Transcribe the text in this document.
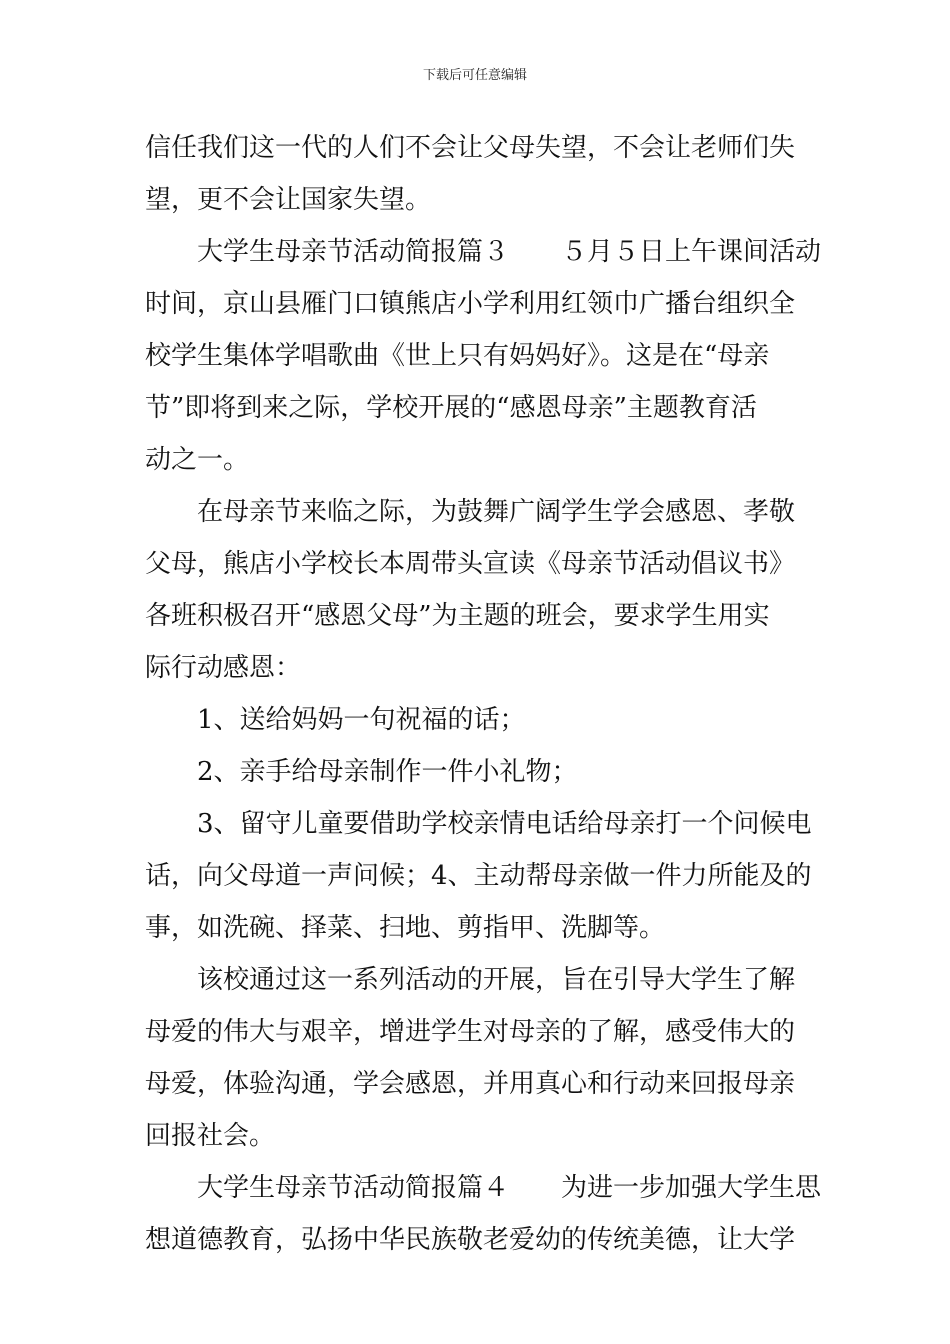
下载后可任意编辑
信任我们这一代的人们不会让父母失望，不会让老师们失
望，更不会让国家失望。
　　大学生母亲节活动简报篇３　　５月５日上午课间活动
时间，京山县雁门口镇熊店小学利用红领巾广播台组织全
校学生集体学唱歌曲《世上只有妈妈好》。这是在“母亲
节”即将到来之际，学校开展的“感恩母亲”主题教育活
动之一。
　　在母亲节来临之际，为鼓舞广阔学生学会感恩、孝敬
父母，熊店小学校长本周带头宣读《母亲节活动倡议书》
各班积极召开“感恩父母”为主题的班会，要求学生用实
际行动感恩：
　　1、送给妈妈一句祝福的话；
　　2、亲手给母亲制作一件小礼物；
　　3、留守儿童要借助学校亲情电话给母亲打一个问候电
话，向父母道一声问候；4、主动帮母亲做一件力所能及的
事，如洗碗、择菜、扫地、剪指甲、洗脚等。
　　该校通过这一系列活动的开展，旨在引导大学生了解
母爱的伟大与艰辛，增进学生对母亲的了解，感受伟大的
母爱，体验沟通，学会感恩，并用真心和行动来回报母亲
回报社会。
　　大学生母亲节活动简报篇４　　为进一步加强大学生思
想道德教育，弘扬中华民族敬老爱幼的传统美德，让大学
